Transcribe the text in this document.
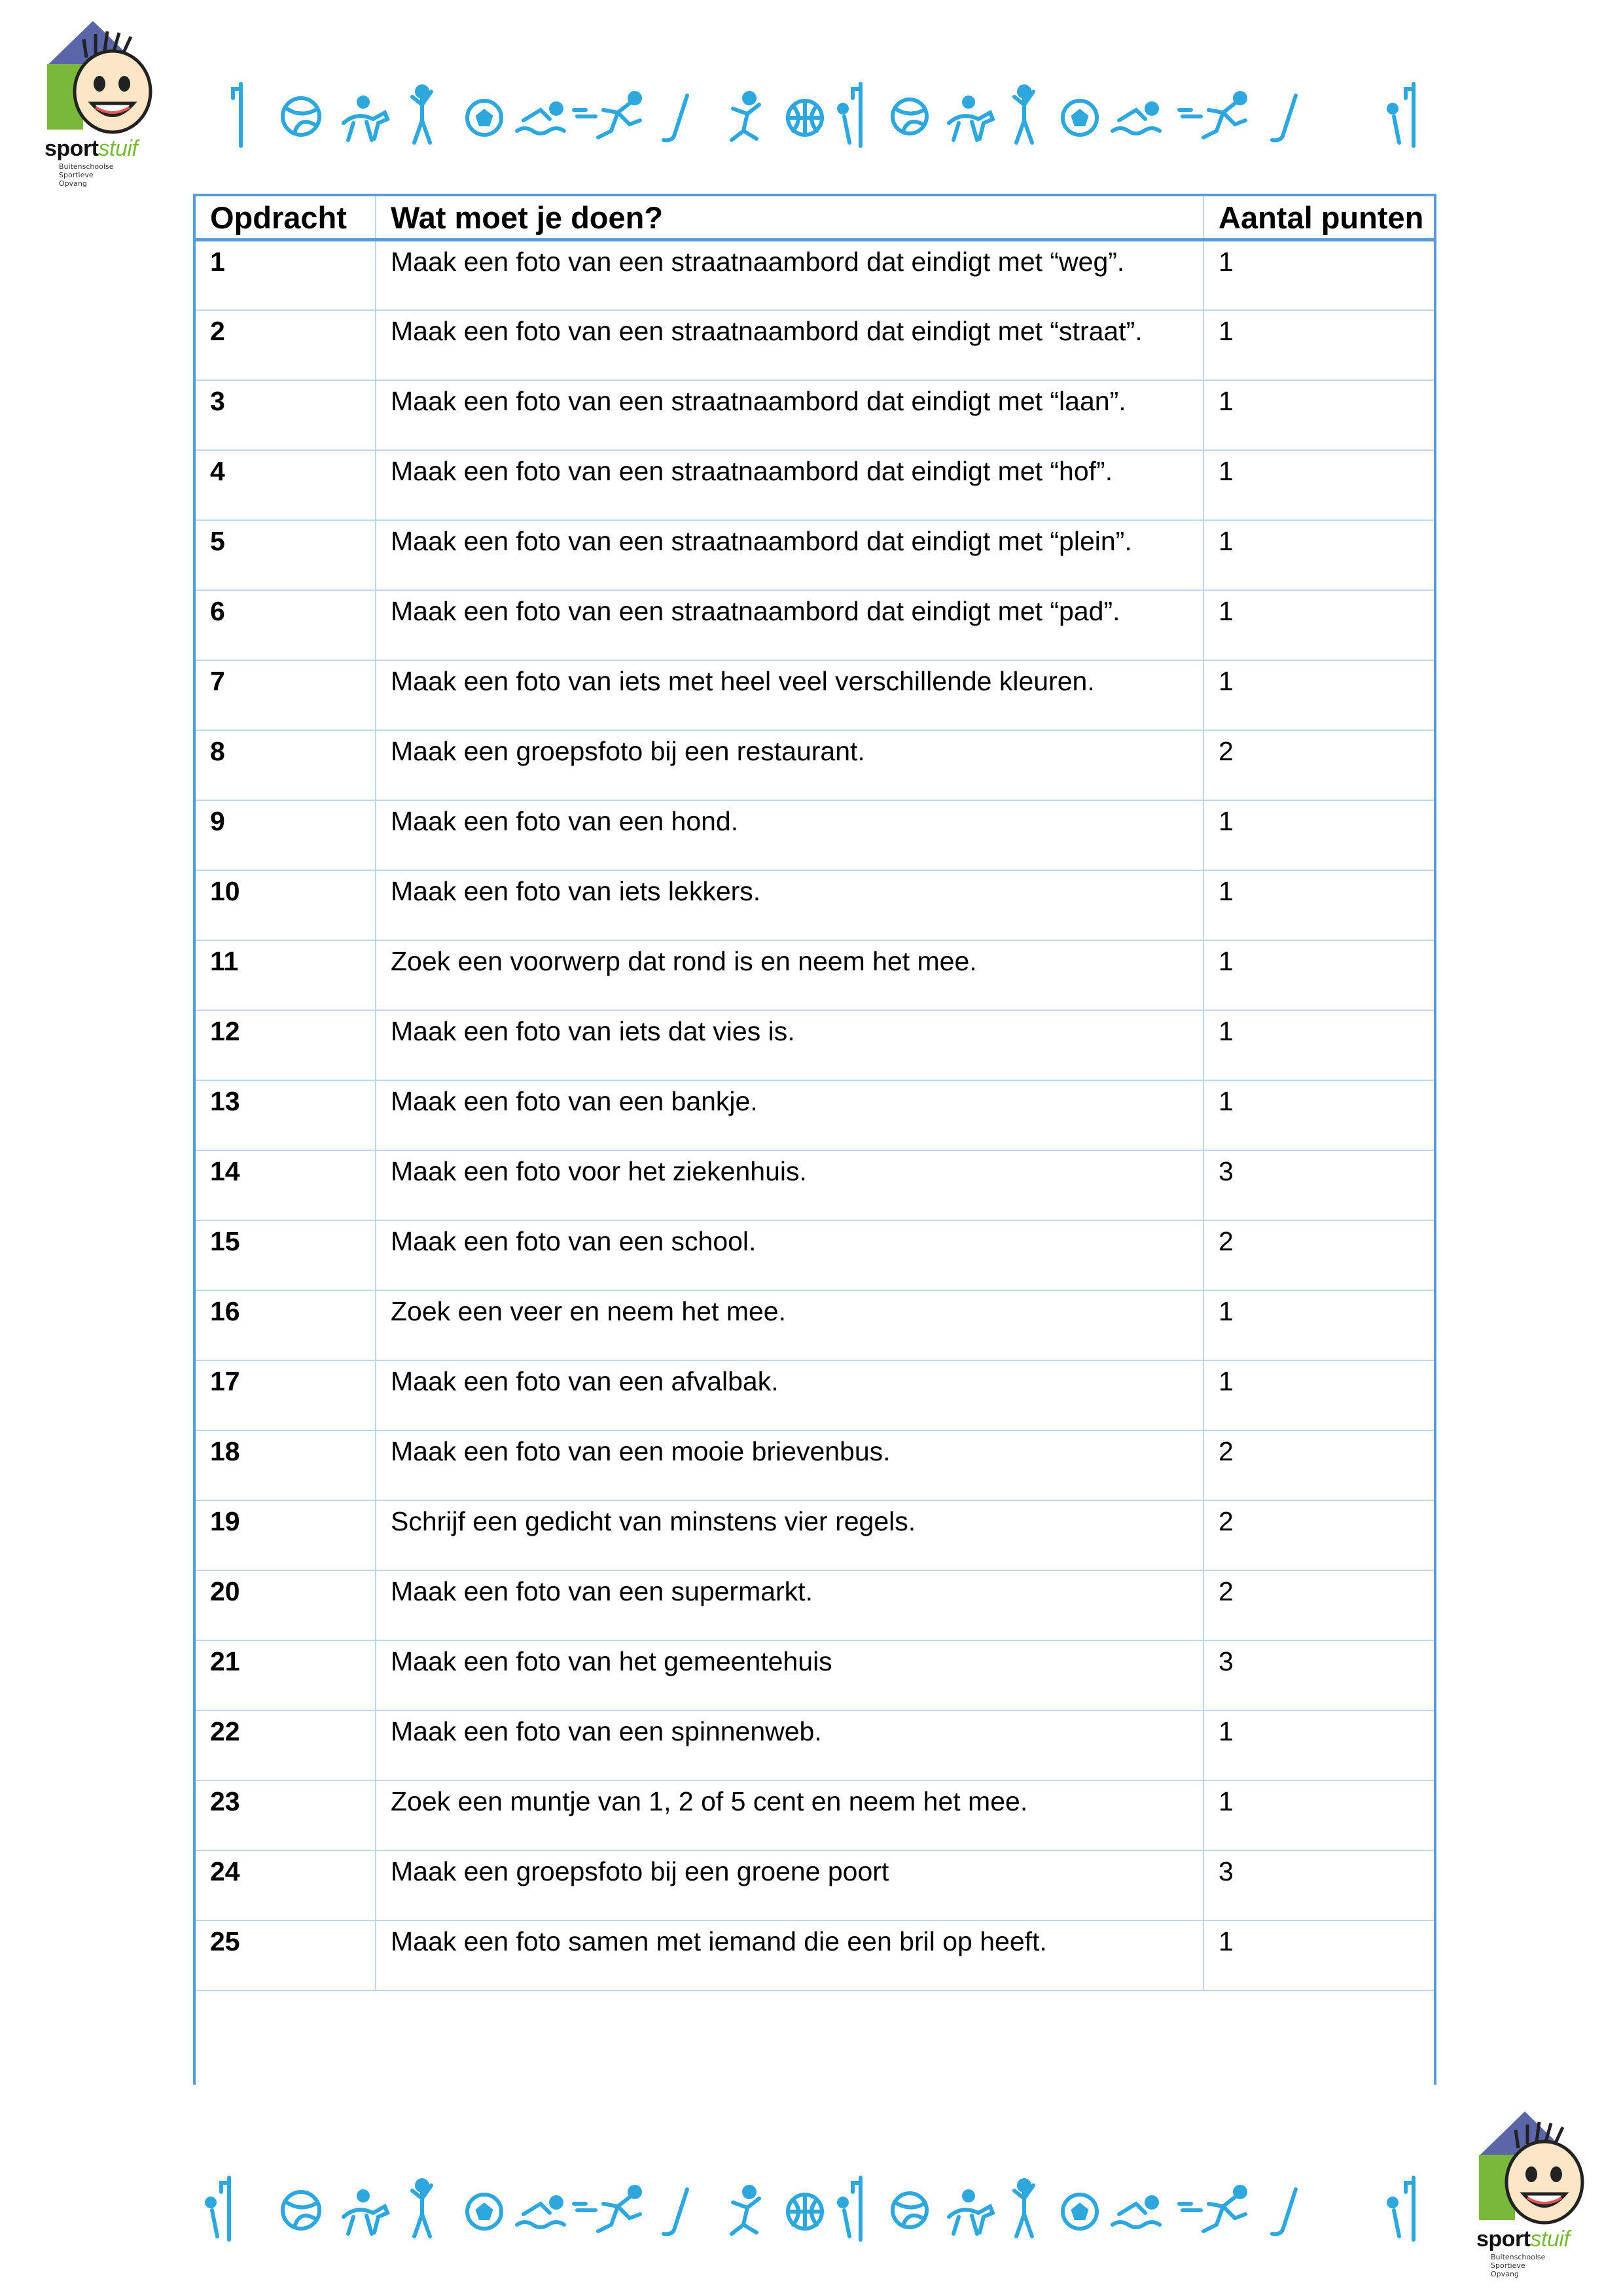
sportstuif
Buitenschoolse
Sportieve
Opvang
Opdracht	Wat moet je doen?	Aantal punten
1	Maak een foto van een straatnaambord dat eindigt met “weg”.	1
2	Maak een foto van een straatnaambord dat eindigt met “straat”.	1
3	Maak een foto van een straatnaambord dat eindigt met “laan”.	1
4	Maak een foto van een straatnaambord dat eindigt met “hof”.	1
5	Maak een foto van een straatnaambord dat eindigt met “plein”.	1
6	Maak een foto van een straatnaambord dat eindigt met “pad”.	1
7	Maak een foto van iets met heel veel verschillende kleuren.	1
8	Maak een groepsfoto bij een restaurant.	2
9	Maak een foto van een hond.	1
10	Maak een foto van iets lekkers.	1
11	Zoek een voorwerp dat rond is en neem het mee.	1
12	Maak een foto van iets dat vies is.	1
13	Maak een foto van een bankje.	1
14	Maak een foto voor het ziekenhuis.	3
15	Maak een foto van een school.	2
16	Zoek een veer en neem het mee.	1
17	Maak een foto van een afvalbak.	1
18	Maak een foto van een mooie brievenbus.	2
19	Schrijf een gedicht van minstens vier regels.	2
20	Maak een foto van een supermarkt.	2
21	Maak een foto van het gemeentehuis	3
22	Maak een foto van een spinnenweb.	1
23	Zoek een muntje van 1, 2 of 5 cent en neem het mee.	1
24	Maak een groepsfoto bij een groene poort	3
25	Maak een foto samen met iemand die een bril op heeft.	1
sportstuif
Buitenschoolse
Sportieve
Opvang
